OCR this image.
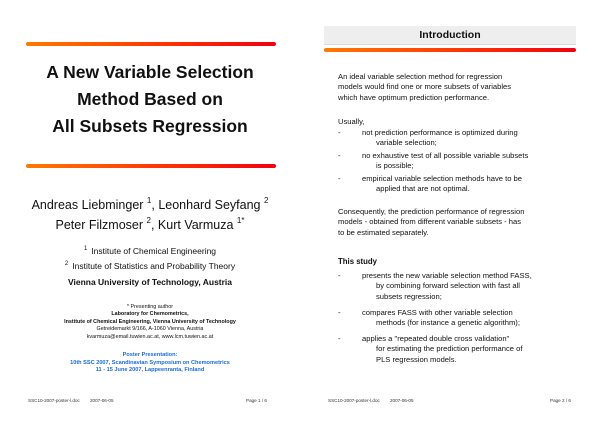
A New Variable Selection
Method Based on
All Subsets Regression
Andreas Liebminger $^1$, Leonhard Seyfang $^2$
Peter Filzmoser $^2$, Kurt Varmuza $^{1*}$
$^1$ Institute of Chemical Engineering
$^2$ Institute of Statistics and Probability Theory
Vienna University of Technology, Austria
* Presenting author
Laboratory for Chemometrics,
Institute of Chemical Engineering, Vienna University of Technology
Getreidemarkt 9/166, A-1060 Vienna, Austria
kvarmuza@email.tuwien.ac.at, www.lcm.tuwien.ac.at
Poster Presentation:
10th SSC 2007, Scandinavian Symposium on Chemometrics
11 - 15 June 2007, Lappeenranta, Finland
SSC10-2007-poster-l.doc 2007-06-05	Page 1 / 6
Introduction
An ideal variable selection method for regression
models would find one or more subsets of variables
which have optimum prediction performance.
Usually,
-	not prediction performance is optimized during
variable selection;
-	no exhaustive test of all possible variable subsets
is possible;
-	empirical variable selection methods have to be
applied that are not optimal.
Consequently, the prediction performance of regression
models - obtained from different variable subsets - has
to be estimated separately.
This study
-	presents the new variable selection method FASS,
by combining forward selection with fast all
subsets regression;
-	compares FASS with other variable selection
methods (for instance a genetic algorithm);
-	applies a "repeated double cross validation"
for estimating the prediction performance of
PLS regression models.
SSC10-2007-poster-l.doc 2007-06-05	Page 2 / 6
